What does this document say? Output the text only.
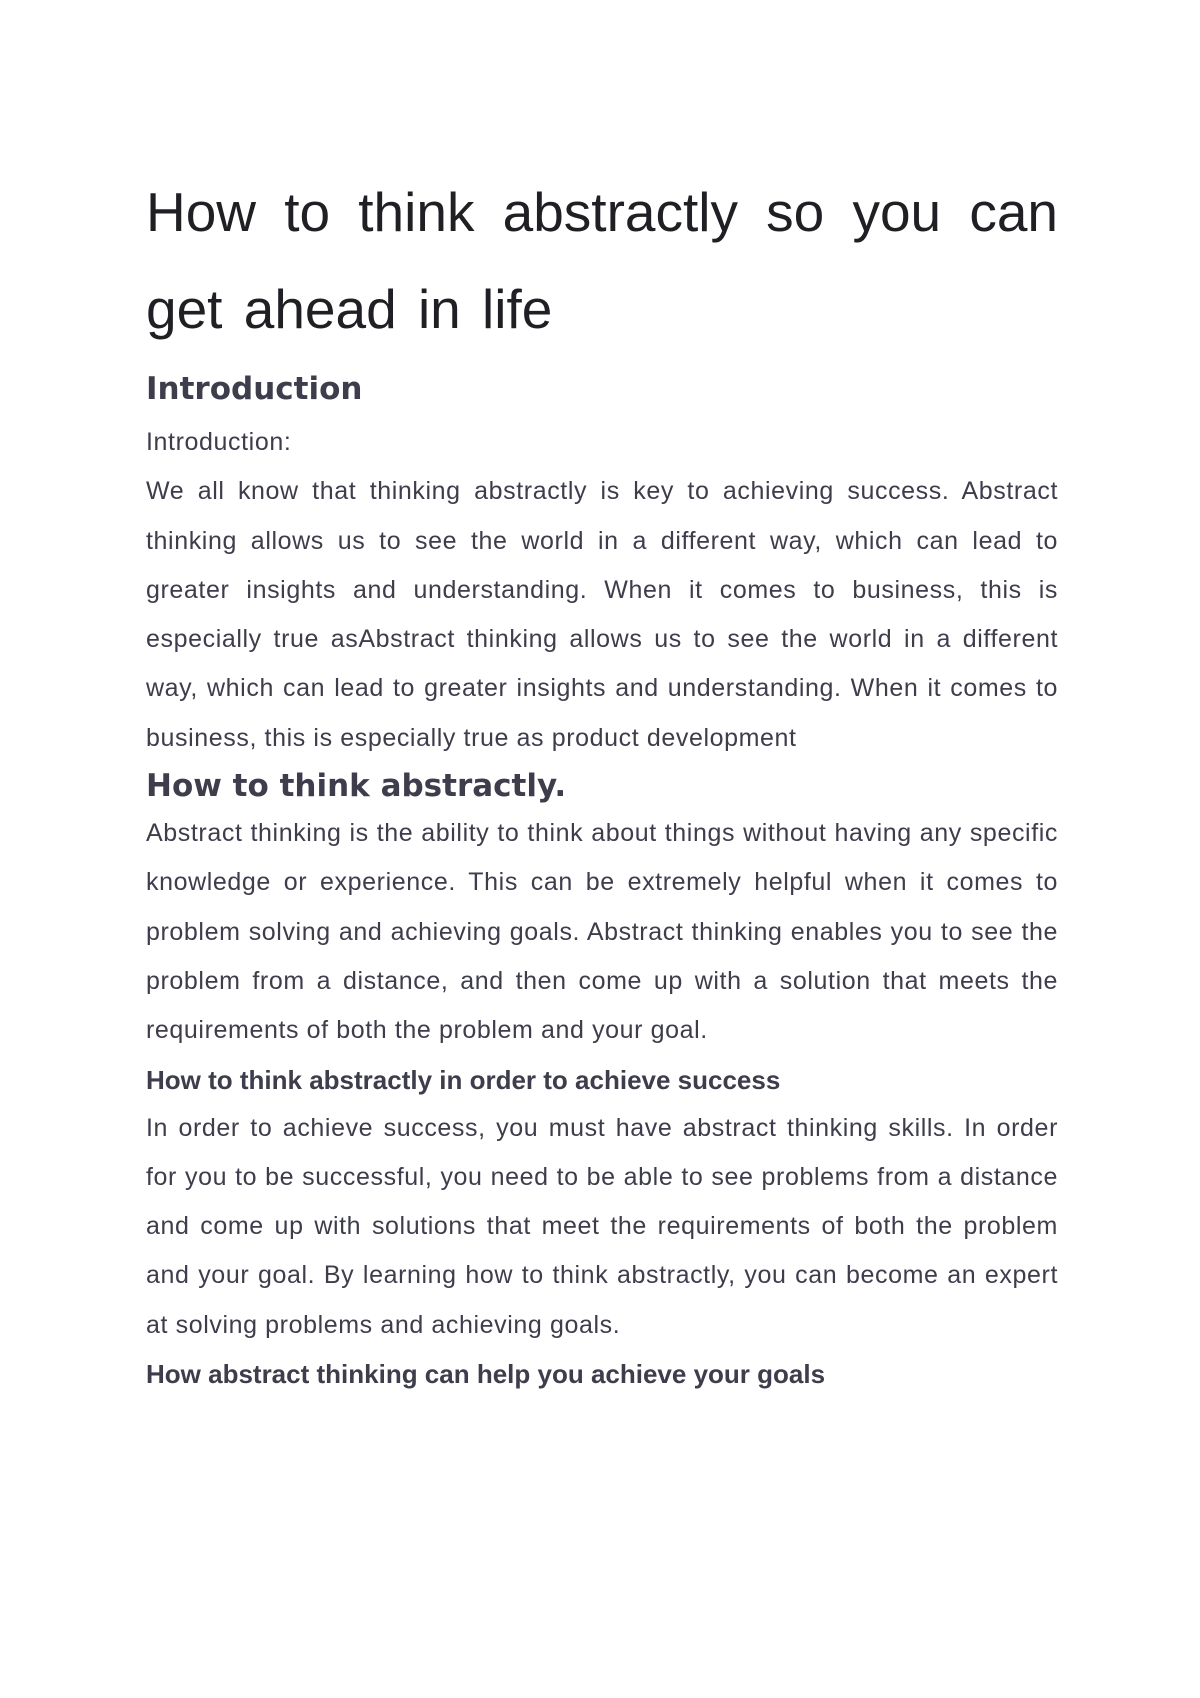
How to think abstractly so you can get ahead in life
Introduction

Introduction:

We all know that thinking abstractly is key to achieving success. Abstract thinking allows us to see the world in a different way, which can lead to greater insights and understanding. When it comes to business, this is especially true asAbstract thinking allows us to see the world in a different way, which can lead to greater insights and understanding. When it comes to business, this is especially true as product development

How to think abstractly.

Abstract thinking is the ability to think about things without having any specific knowledge or experience. This can be extremely helpful when it comes to problem solving and achieving goals. Abstract thinking enables you to see the problem from a distance, and then come up with a solution that meets the requirements of both the problem and your goal.

How to think abstractly in order to achieve success

In order to achieve success, you must have abstract thinking skills. In order for you to be successful, you need to be able to see problems from a distance and come up with solutions that meet the requirements of both the problem and your goal. By learning how to think abstractly, you can become an expert at solving problems and achieving goals.

How abstract thinking can help you achieve your goals
